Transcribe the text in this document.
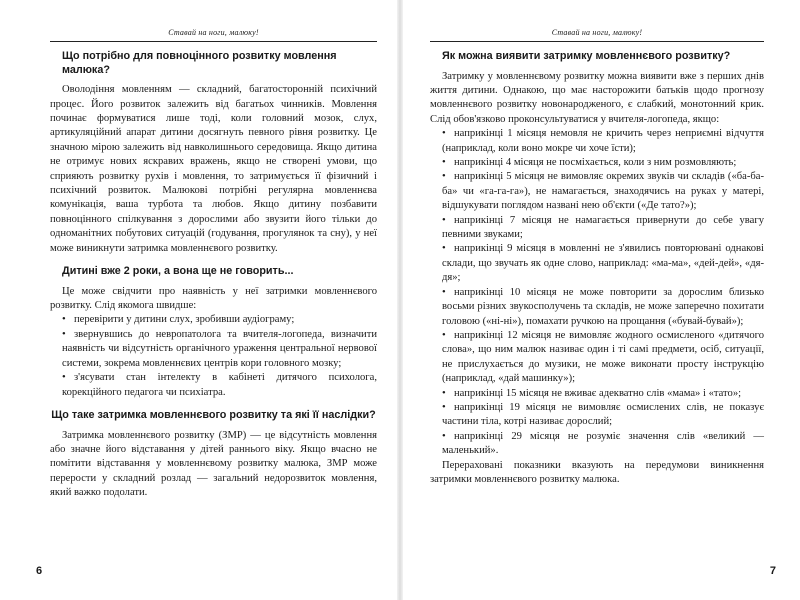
Ставай на ноги, малюку!
Що потрібно для повноцінного розвитку мовлення малюка?

Оволодіння мовленням — складний, багатосторонній психічний процес. Його розвиток залежить від багатьох чинників. Мовлення починає формуватися лише тоді, коли головний мозок, слух, артикуляційний апарат дитини досягнуть певного рівня розвитку. Це значною мірою залежить від навколишнього середовища. Якщо дитина не отримує нових яскравих вражень, якщо не створені умови, що сприяють розвитку рухів і мовлення, то затримується її фізичний і психічний розвиток. Малюкові потрібні регулярна мовленнєва комунікація, ваша турбота та любов. Якщо дитину позбавити повноцінного спілкування з дорослими або звузити його тільки до одноманітних побутових ситуацій (годування, прогулянок та сну), у неї може виникнути затримка мовленнєвого розвитку.

Дитині вже 2 роки, а вона ще не говорить...

Це може свідчити про наявність у неї затримки мовленнєвого розвитку. Слід якомога швидше:

• перевірити у дитини слух, зробивши аудіограму;
• звернувшись до невропатолога та вчителя-логопеда, визначити наявність чи відсутність органічного ураження центральної нервової системи, зокрема мовленнєвих центрів кори головного мозку;
• з'ясувати стан інтелекту в кабінеті дитячого психолога, корекційного педагога чи психіатра.
Що таке затримка мовленнєвого розвитку та які її наслідки?

Затримка мовленнєвого розвитку (ЗМР) — це відсутність мовлення або значне його відставання у дітей раннього віку. Якщо вчасно не помітити відставання у мовленнєвому розвитку малюка, ЗМР може перерости у складний розлад — загальний недорозвиток мовлення, який важко подолати.

6
Ставай на ноги, малюку!
Як можна виявити затримку мовленнєвого розвитку?

Затримку у мовленнєвому розвитку можна виявити вже з перших днів життя дитини. Однакою, що має насторожити батьків щодо прогнозу мовленнєвого розвитку новонародженого, є слабкий, монотонний крик. Слід обов'язково проконсультуватися у вчителя-логопеда, якщо:

• наприкінці 1 місяця немовля не кричить через неприємні відчуття (наприклад, коли воно мокре чи хоче їсти);
• наприкінці 4 місяця не посміхається, коли з ним розмовляють;
• наприкінці 5 місяця не вимовляє окремих звуків чи складів («ба-ба-ба» чи «га-га-га»), не намагається, знаходячись на руках у матері, відшукувати поглядом названі нею об'єкти («Де тато?»);
• наприкінці 7 місяця не намагається привернути до себе увагу певними звуками;
• наприкінці 9 місяця в мовленні не з'явились повторювані однакові склади, що звучать як одне слово, наприклад: «ма-ма», «дей-дей», «дя-дя»;
• наприкінці 10 місяця не може повторити за дорослим близько восьми різних звукосполучень та складів, не може заперечно похитати головою («ні-ні»), помахати ручкою на прощання («бувай-бувай»);
• наприкінці 12 місяця не вимовляє жодного осмисленого «дитячого слова», що ним малюк називає один і ті самі предмети, осіб, ситуації, не прислухається до музики, не може виконати просту інструкцію (наприклад, «дай машинку»);
• наприкінці 15 місяця не вживає адекватно слів «мама» і «тато»;
• наприкінці 19 місяця не вимовляє осмислених слів, не показує частини тіла, котрі називає дорослий;
• наприкінці 29 місяця не розуміє значення слів «великий — маленький».

Перераховані показники вказують на передумови виникнення затримки мовленнєвого розвитку малюка.

7
